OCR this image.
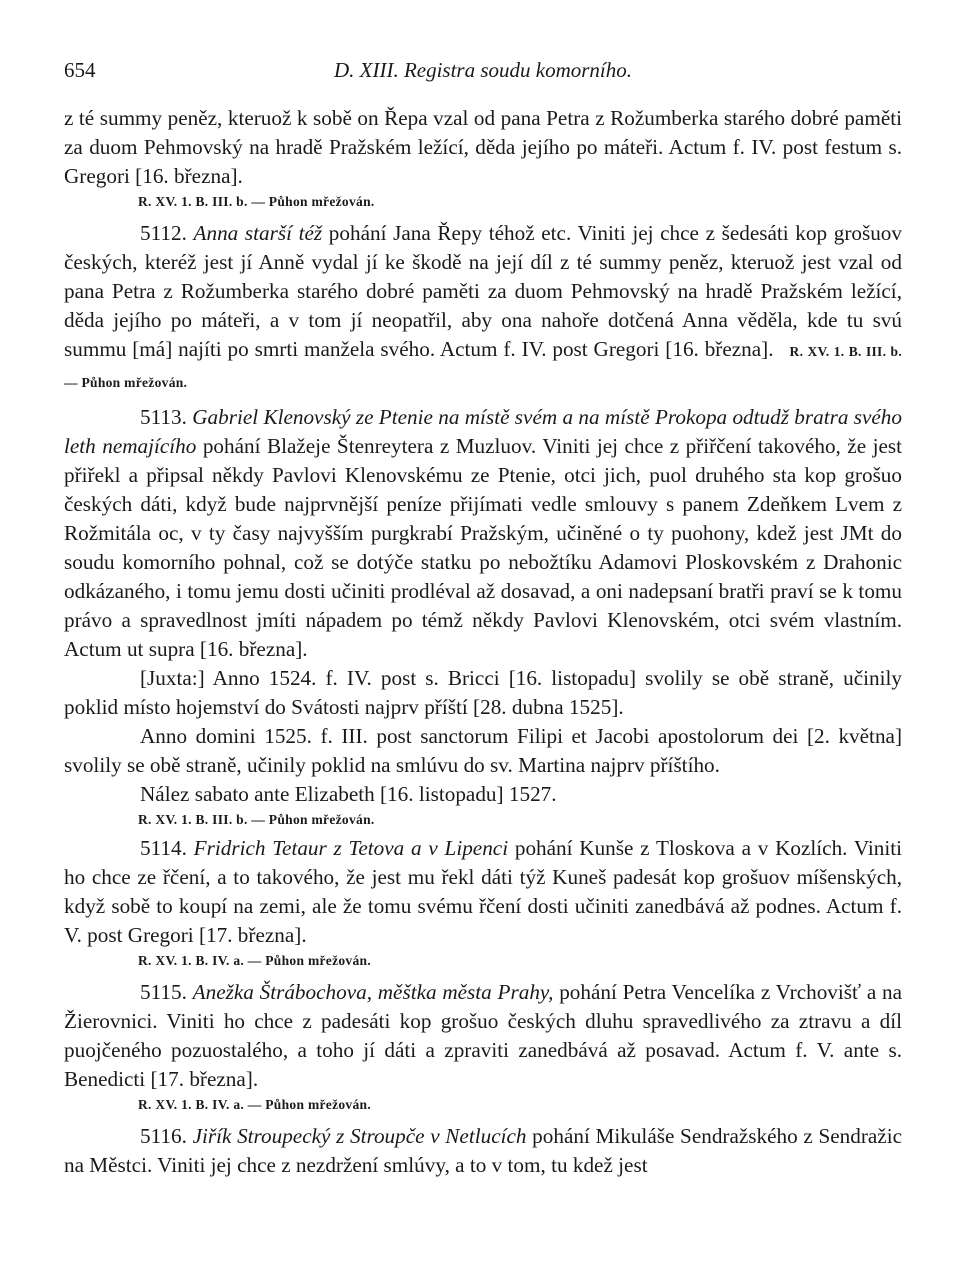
654	D. XIII. Registra soudu komorního.

z té summy peněz, kteruož k sobě on Řepa vzal od pana Petra z Rožumberka starého dobré paměti za duom Pehmovský na hradě Pražském ležící, děda jejího po máteři. Actum f. IV. post festum s. Gregori [16. března].

R. XV. 1. B. III. b. — Půhon mřežován.

5112. Anna starší též pohání Jana Řepy téhož etc. Viniti jej chce z šedesáti kop grošuov českých, kteréž jest jí Anně vydal jí ke škodě na její díl z té summy peněz, kteruož jest vzal od pana Petra z Rožumberka starého dobré paměti za duom Pehmovský na hradě Pražském ležící, děda jejího po máteři, a v tom jí neopatřil, aby ona nahoře dotčená Anna věděla, kde tu svú summu [má] najíti po smrti manžela svého. Actum f. IV. post Gregori [16. března]. R. XV. 1. B. III. b. — Půhon mřežován.

5113. Gabriel Klenovský ze Ptenie na místě svém a na místě Prokopa odtudž bratra svého leth nemajícího pohání Blažeje Štenreytera z Muzluov. Viniti jej chce z přiřčení takového, že jest přiřekl a připsal někdy Pavlovi Klenovskému ze Ptenie, otci jich, puol druhého sta kop grošuo českých dáti, když bude najprvnější peníze přijímati vedle smlouvy s panem Zdeňkem Lvem z Rožmitála oc, v ty časy najvyšším purgkrabí Pražským, učiněné o ty puohony, kdež jest JMt do soudu komorního pohnal, což se dotýče statku po nebožtíku Adamovi Ploskovském z Drahonic odkázaného, i tomu jemu dosti učiniti prodléval až dosavad, a oni nadepsaní bratři praví se k tomu právo a spravedlnost jmíti nápadem po témž někdy Pavlovi Klenovském, otci svém vlastním. Actum ut supra [16. března].

[Juxta:] Anno 1524. f. IV. post s. Bricci [16. listopadu] svolily se obě straně, učinily poklid místo hojemství do Svátosti najprv příští [28. dubna 1525].

Anno domini 1525. f. III. post sanctorum Filipi et Jacobi apostolorum dei [2. května] svolily se obě straně, učinily poklid na smlúvu do sv. Martina najprv příštího.

Nález sabato ante Elizabeth [16. listopadu] 1527.

R. XV. 1. B. III. b. — Půhon mřežován.

5114. Fridrich Tetaur z Tetova a v Lipenci pohání Kunše z Tloskova a v Kozlích. Viniti ho chce ze řčení, a to takového, že jest mu řekl dáti týž Kuneš padesát kop grošuov míšenských, když sobě to koupí na zemi, ale že tomu svému řčení dosti učiniti zanedbává až podnes. Actum f. V. post Gregori [17. března].

R. XV. 1. B. IV. a. — Půhon mřežován.

5115. Anežka Štrábochova, měštka města Prahy, pohání Petra Vencelíka z Vrchovišť a na Žierovnici. Viniti ho chce z padesáti kop grošuo českých dluhu spravedlivého za ztravu a díl puojčeného pozuostalého, a toho jí dáti a zpraviti zanedbává až posavad. Actum f. V. ante s. Benedicti [17. března].

R. XV. 1. B. IV. a. — Půhon mřežován.

5116. Jiřík Stroupecký z Stroupče v Netlucích pohání Mikuláše Sendražského z Sendražic na Městci. Viniti jej chce z nezdržení smlúvy, a to v tom, tu kdež jest
